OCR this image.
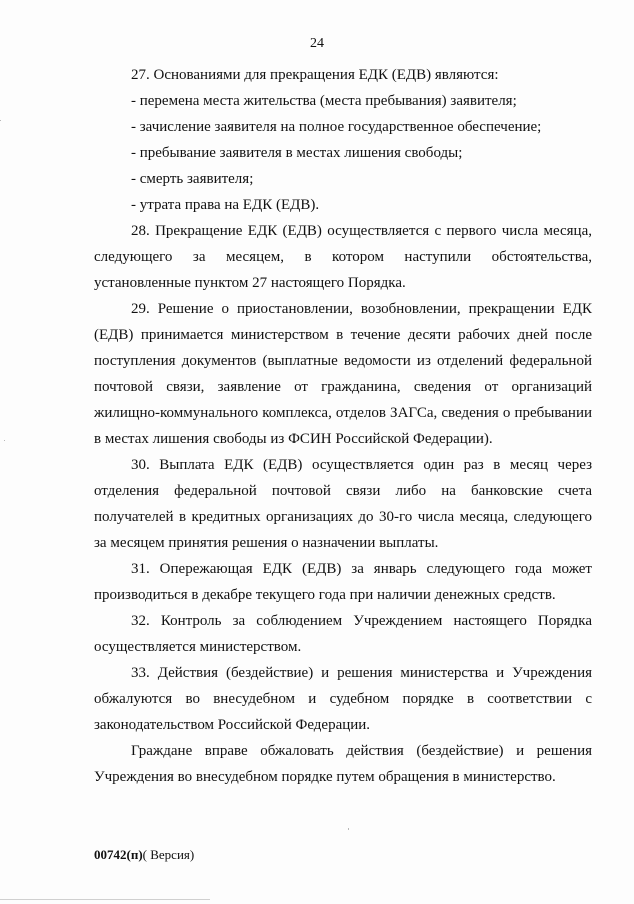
24

27. Основаниями для прекращения ЕДК (ЕДВ) являются:

- перемена места жительства (места пребывания) заявителя;

- зачисление заявителя на полное государственное обеспечение;

- пребывание заявителя в местах лишения свободы;

- смерть заявителя;

- утрата права на ЕДК (ЕДВ).

28. Прекращение ЕДК (ЕДВ) осуществляется с первого числа месяца, следующего за месяцем, в котором наступили обстоятельства, установленные пунктом 27 настоящего Порядка.

29. Решение о приостановлении, возобновлении, прекращении ЕДК (ЕДВ) принимается министерством в течение десяти рабочих дней после поступления документов (выплатные ведомости из отделений федеральной почтовой связи, заявление от гражданина, сведения от организаций жилищно-коммунального комплекса, отделов ЗАГСа, сведения о пребывании в местах лишения свободы из ФСИН Российской Федерации).

30. Выплата ЕДК (ЕДВ) осуществляется один раз в месяц через отделения федеральной почтовой связи либо на банковские счета получателей в кредитных организациях до 30-го числа месяца, следующего за месяцем принятия решения о назначении выплаты.

31. Опережающая ЕДК (ЕДВ) за январь следующего года может производиться в декабре текущего года при наличии денежных средств.

32. Контроль за соблюдением Учреждением настоящего Порядка осуществляется министерством.

33. Действия (бездействие) и решения министерства и Учреждения обжалуются во внесудебном и судебном порядке в соответствии с законодательством Российской Федерации.

Граждане вправе обжаловать действия (бездействие) и решения Учреждения во внесудебном порядке путем обращения в министерство.

00742(п)( Версия)
